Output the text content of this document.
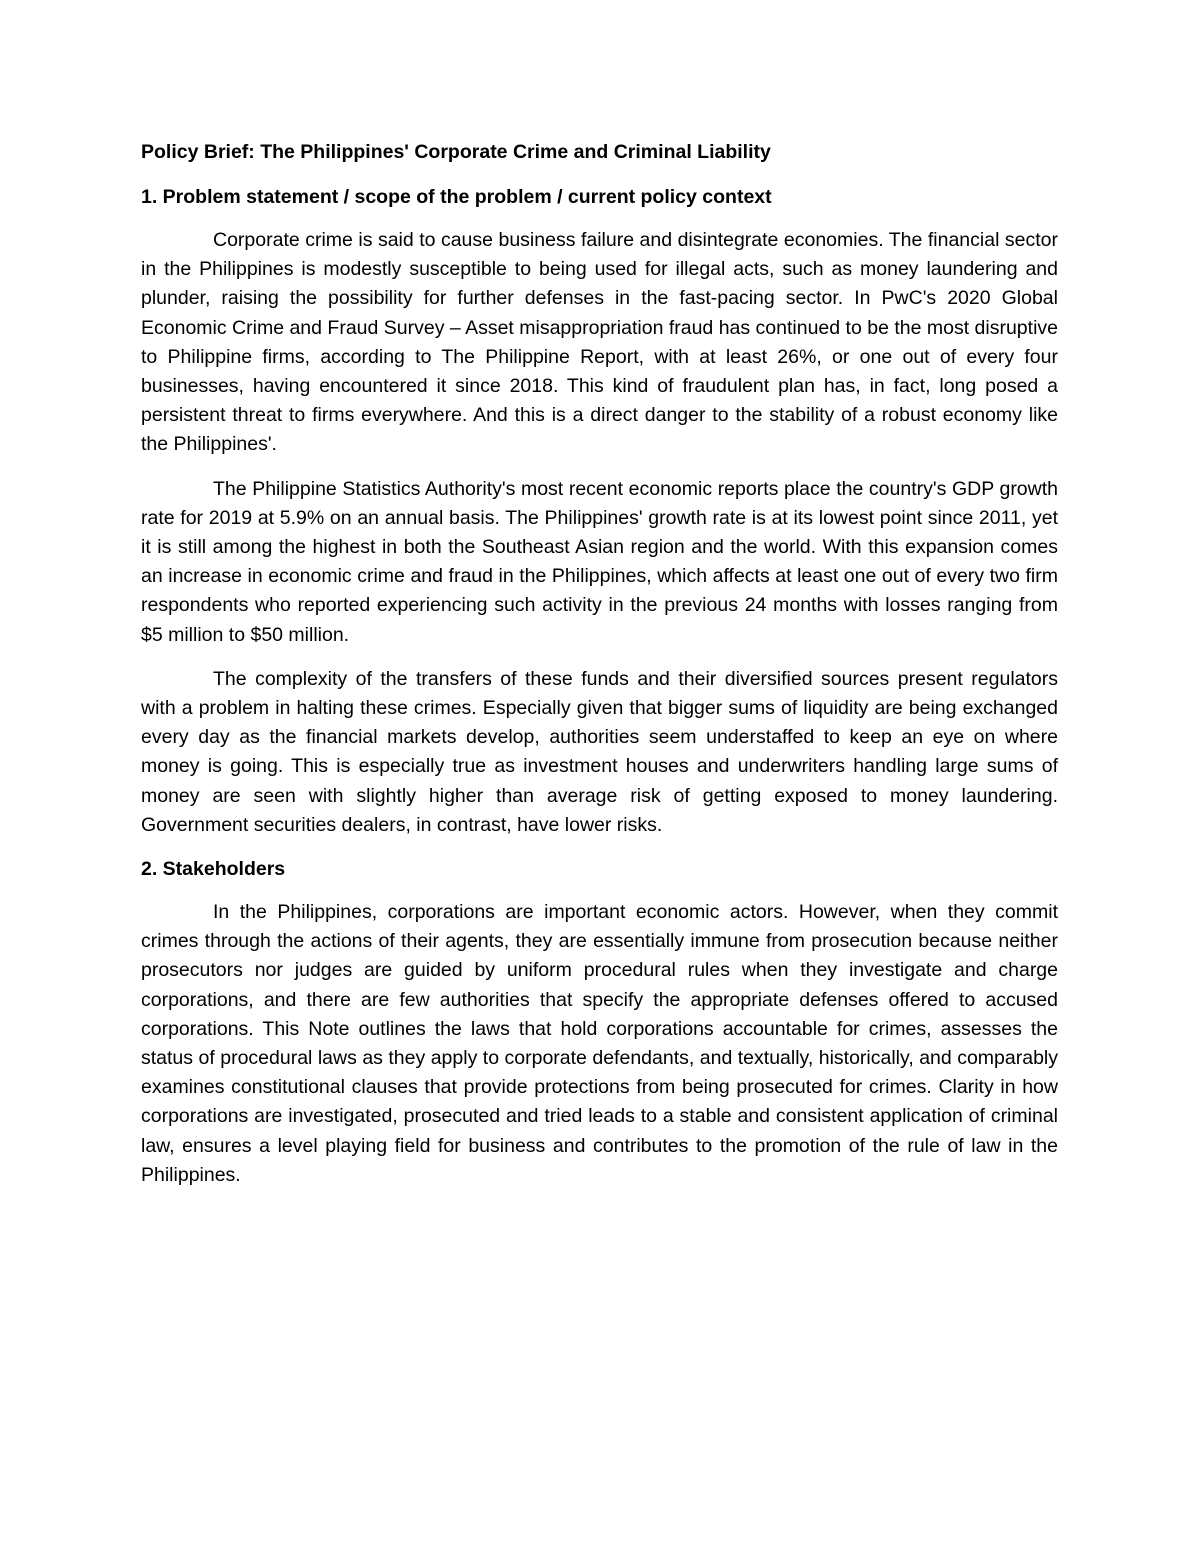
Policy Brief: The Philippines' Corporate Crime and Criminal Liability
1. Problem statement / scope of the problem / current policy context

Corporate crime is said to cause business failure and disintegrate economies. The financial sector in the Philippines is modestly susceptible to being used for illegal acts, such as money laundering and plunder, raising the possibility for further defenses in the fast-pacing sector. In PwC's 2020 Global Economic Crime and Fraud Survey – Asset misappropriation fraud has continued to be the most disruptive to Philippine firms, according to The Philippine Report, with at least 26%, or one out of every four businesses, having encountered it since 2018. This kind of fraudulent plan has, in fact, long posed a persistent threat to firms everywhere. And this is a direct danger to the stability of a robust economy like the Philippines'.

The Philippine Statistics Authority's most recent economic reports place the country's GDP growth rate for 2019 at 5.9% on an annual basis. The Philippines' growth rate is at its lowest point since 2011, yet it is still among the highest in both the Southeast Asian region and the world. With this expansion comes an increase in economic crime and fraud in the Philippines, which affects at least one out of every two firm respondents who reported experiencing such activity in the previous 24 months with losses ranging from $5 million to $50 million.

The complexity of the transfers of these funds and their diversified sources present regulators with a problem in halting these crimes. Especially given that bigger sums of liquidity are being exchanged every day as the financial markets develop, authorities seem understaffed to keep an eye on where money is going. This is especially true as investment houses and underwriters handling large sums of money are seen with slightly higher than average risk of getting exposed to money laundering. Government securities dealers, in contrast, have lower risks.

2. Stakeholders

In the Philippines, corporations are important economic actors. However, when they commit crimes through the actions of their agents, they are essentially immune from prosecution because neither prosecutors nor judges are guided by uniform procedural rules when they investigate and charge corporations, and there are few authorities that specify the appropriate defenses offered to accused corporations. This Note outlines the laws that hold corporations accountable for crimes, assesses the status of procedural laws as they apply to corporate defendants, and textually, historically, and comparably examines constitutional clauses that provide protections from being prosecuted for crimes. Clarity in how corporations are investigated, prosecuted and tried leads to a stable and consistent application of criminal law, ensures a level playing field for business and contributes to the promotion of the rule of law in the Philippines.
